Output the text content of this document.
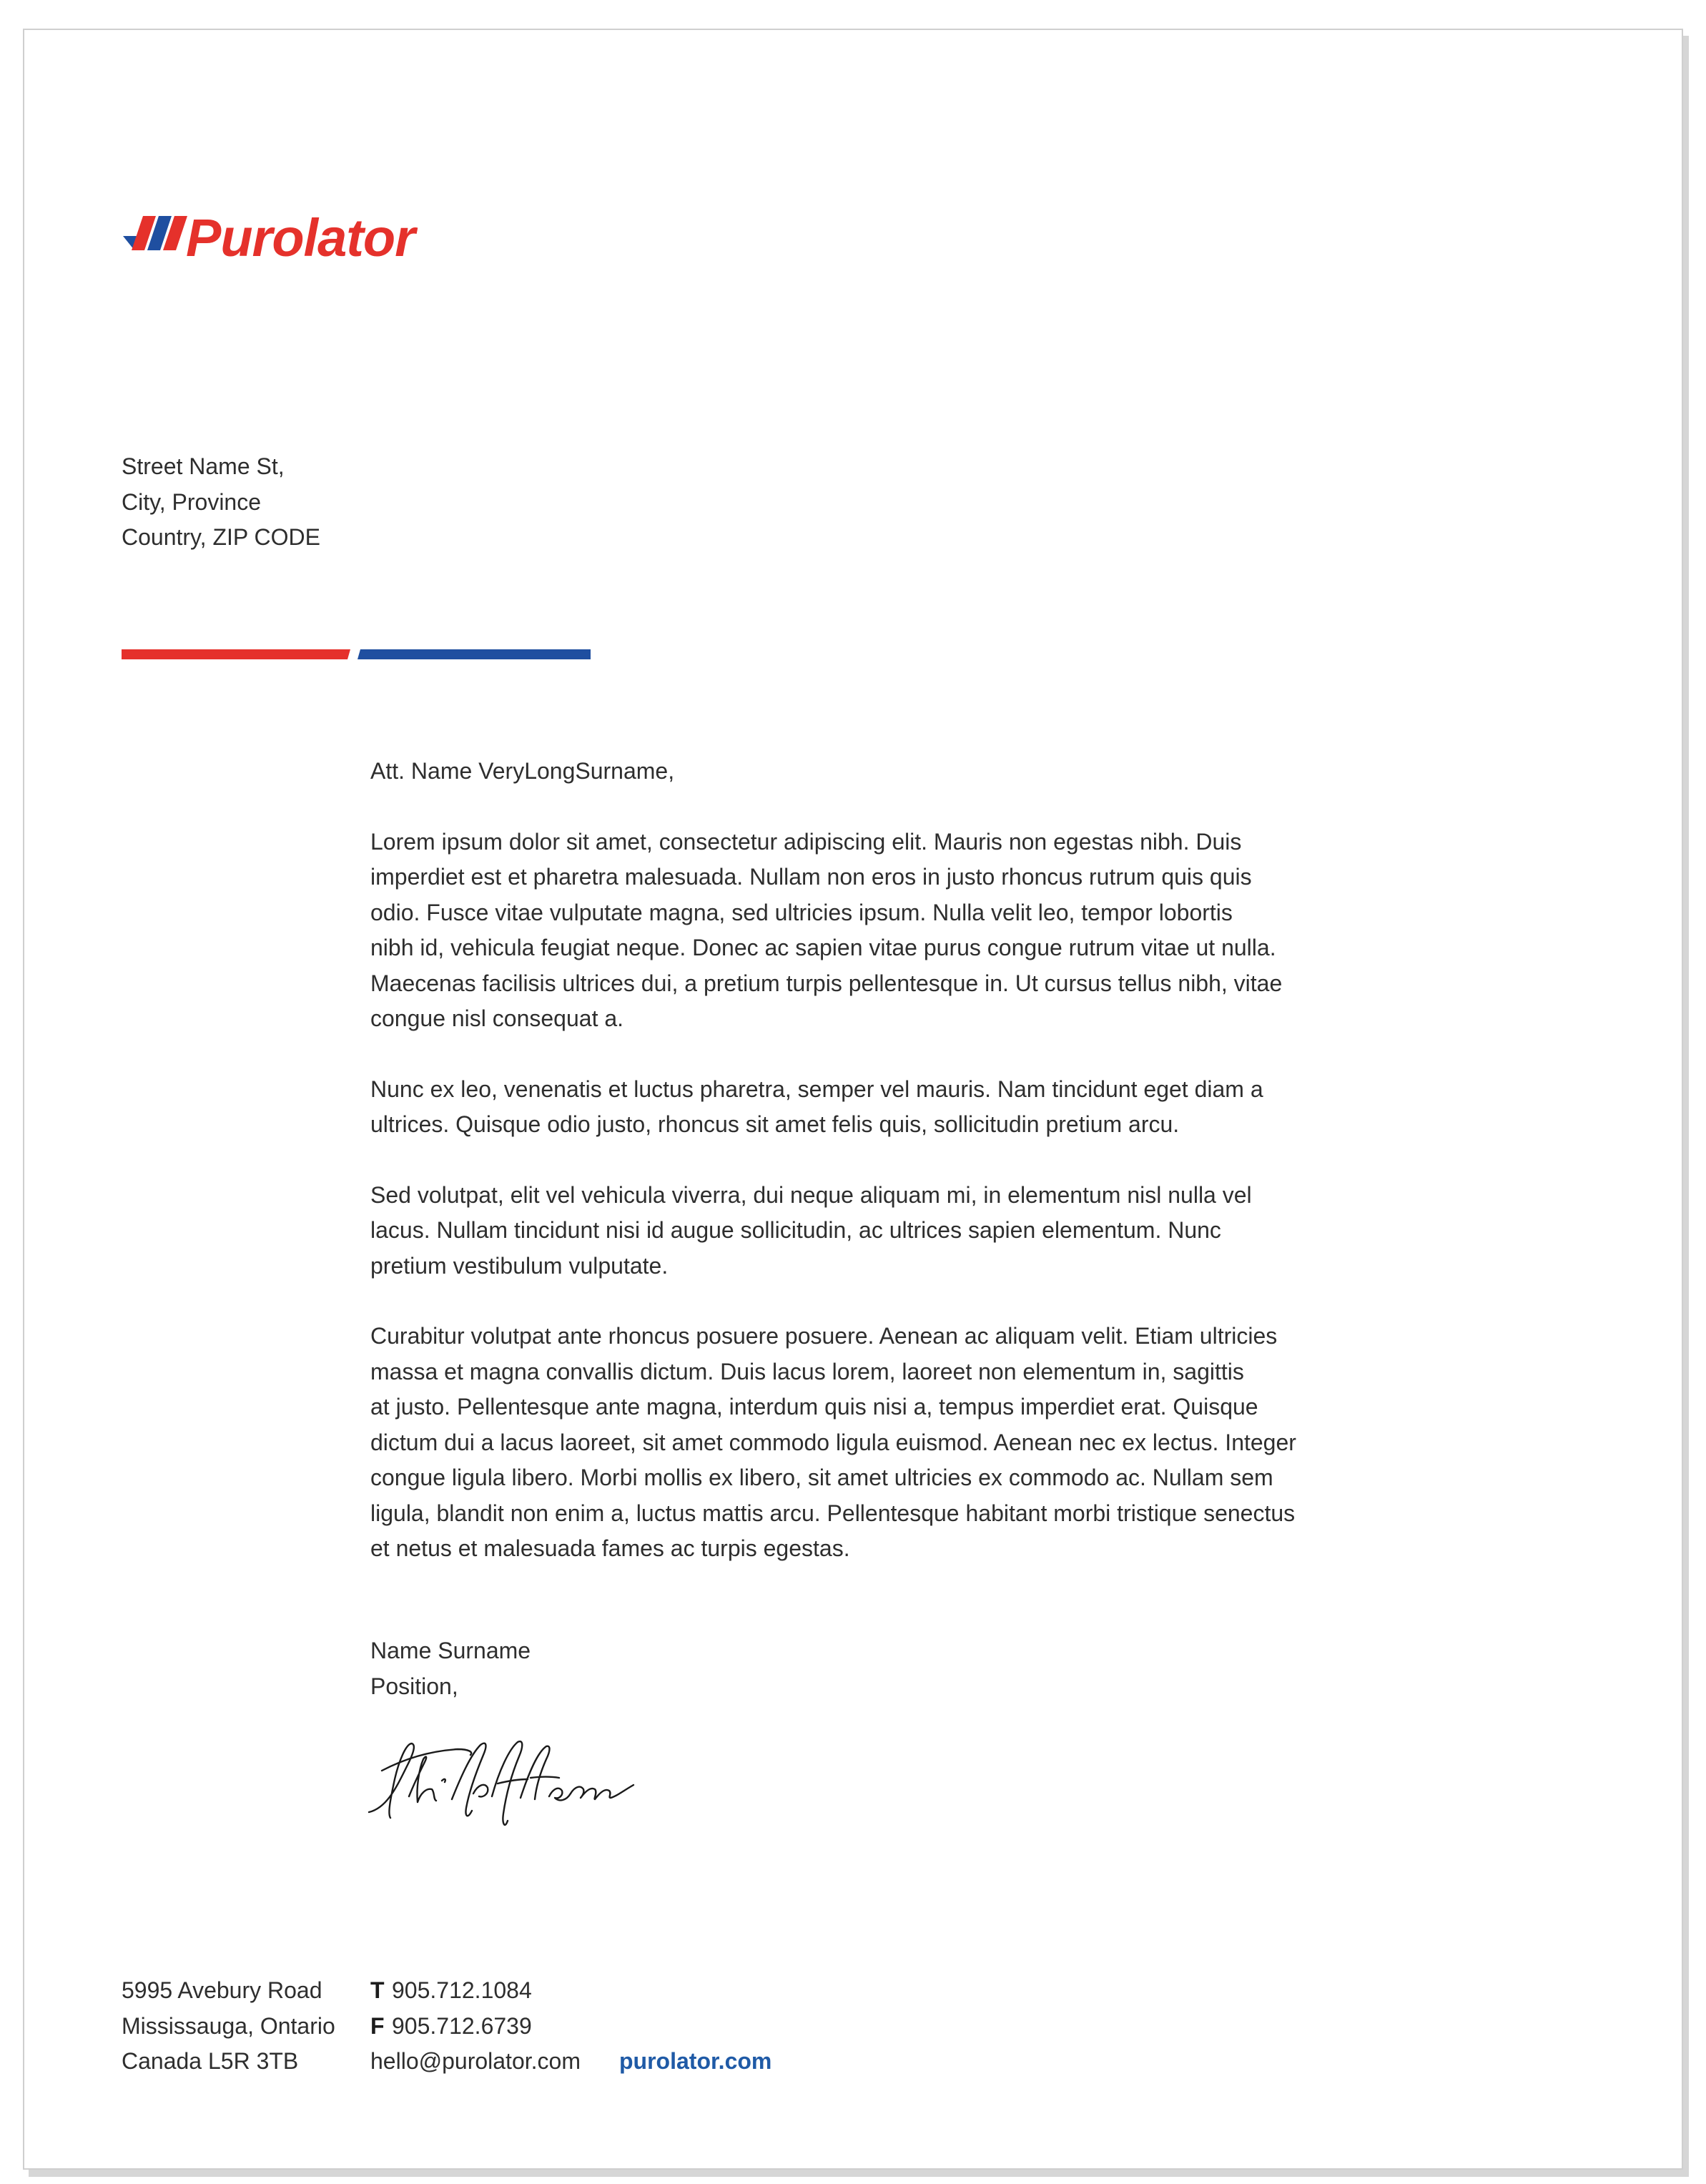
Purolator
Street Name St,
City, Province
Country, ZIP CODE

Att. Name VeryLongSurname,

Lorem ipsum dolor sit amet, consectetur adipiscing elit. Mauris non egestas nibh. Duis
imperdiet est et pharetra malesuada. Nullam non eros in justo rhoncus rutrum quis quis
odio. Fusce vitae vulputate magna, sed ultricies ipsum. Nulla velit leo, tempor lobortis
nibh id, vehicula feugiat neque. Donec ac sapien vitae purus congue rutrum vitae ut nulla.
Maecenas facilisis ultrices dui, a pretium turpis pellentesque in. Ut cursus tellus nibh, vitae
congue nisl consequat a.

Nunc ex leo, venenatis et luctus pharetra, semper vel mauris. Nam tincidunt eget diam a
ultrices. Quisque odio justo, rhoncus sit amet felis quis, sollicitudin pretium arcu.

Sed volutpat, elit vel vehicula viverra, dui neque aliquam mi, in elementum nisl nulla vel
lacus. Nullam tincidunt nisi id augue sollicitudin, ac ultrices sapien elementum. Nunc
pretium vestibulum vulputate.

Curabitur volutpat ante rhoncus posuere posuere. Aenean ac aliquam velit. Etiam ultricies
massa et magna convallis dictum. Duis lacus lorem, laoreet non elementum in, sagittis
at justo. Pellentesque ante magna, interdum quis nisi a, tempus imperdiet erat. Quisque
dictum dui a lacus laoreet, sit amet commodo ligula euismod. Aenean nec ex lectus. Integer
congue ligula libero. Morbi mollis ex libero, sit amet ultricies ex commodo ac. Nullam sem
ligula, blandit non enim a, luctus mattis arcu. Pellentesque habitant morbi tristique senectus
et netus et malesuada fames ac turpis egestas.

Name Surname
Position,
5995 Avebury Road
Mississauga, Ontario
Canada L5R 3TB
T 905.712.1084
F 905.712.6739
hello@purolator.com purolator.com
